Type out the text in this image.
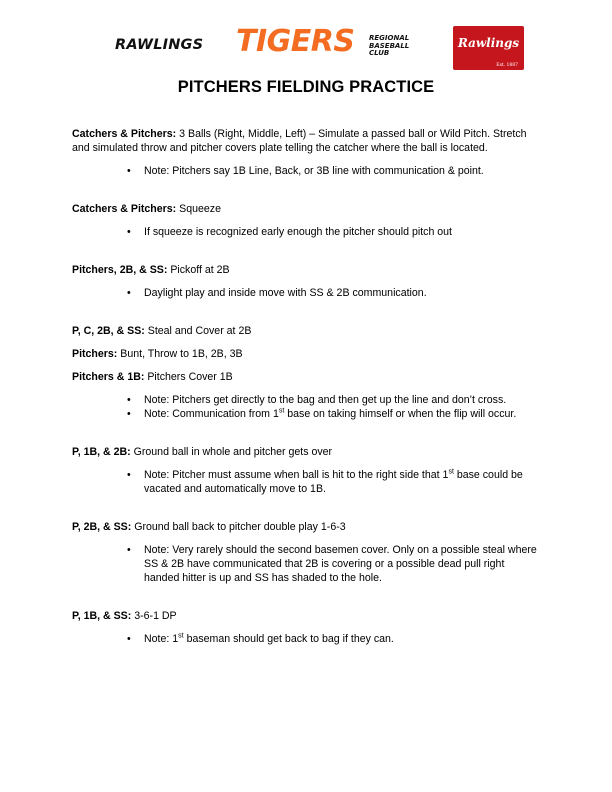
RAWLINGS TIGERS REGIONAL
BASEBALL
CLUB
Rawlings
Est. 1887
PITCHERS FIELDING PRACTICE

Catchers & Pitchers: 3 Balls (Right, Middle, Left) – Simulate a passed ball or Wild Pitch. Stretch and simulated throw and pitcher covers plate telling the catcher where the ball is located.

• Note: Pitchers say 1B Line, Back, or 3B line with communication & point.

Catchers & Pitchers: Squeeze

• If squeeze is recognized early enough the pitcher should pitch out

Pitchers, 2B, & SS: Pickoff at 2B

• Daylight play and inside move with SS & 2B communication.

P, C, 2B, & SS: Steal and Cover at 2B

Pitchers: Bunt, Throw to 1B, 2B, 3B

Pitchers & 1B: Pitchers Cover 1B

• Note: Pitchers get directly to the bag and then get up the line and don’t cross.
• Note: Communication from 1st base on taking himself or when the flip will occur.

P, 1B, & 2B: Ground ball in whole and pitcher gets over

• Note: Pitcher must assume when ball is hit to the right side that 1st base could be vacated and automatically move to 1B.

P, 2B, & SS: Ground ball back to pitcher double play 1-6-3

• Note: Very rarely should the second basemen cover. Only on a possible steal where SS & 2B have communicated that 2B is covering or a possible dead pull right handed hitter is up and SS has shaded to the hole.

P, 1B, & SS: 3-6-1 DP

• Note: 1st baseman should get back to bag if they can.
